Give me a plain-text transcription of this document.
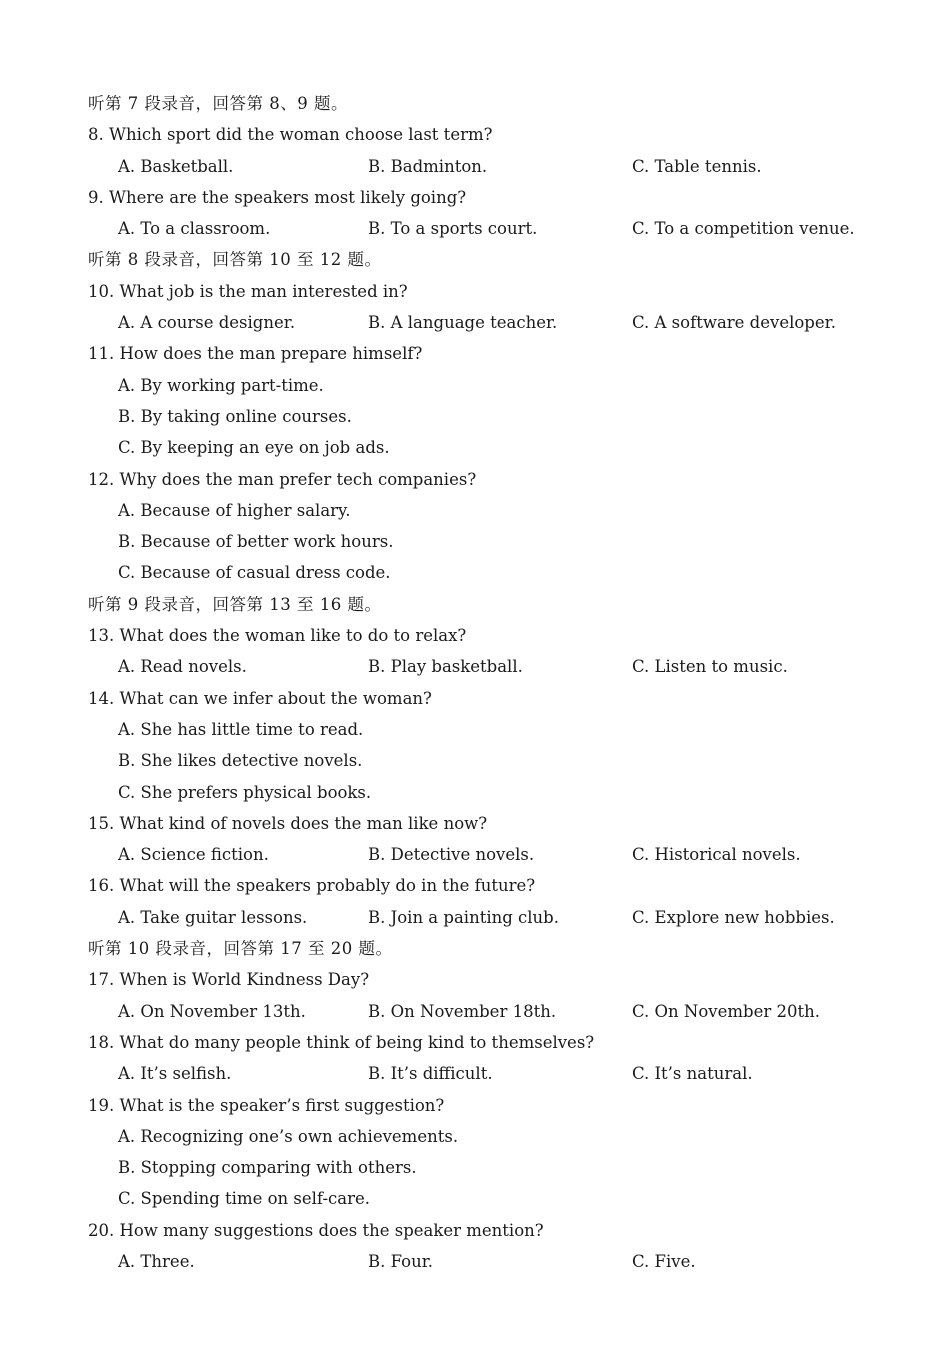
听第 7 段录音，回答第 8、9 题。
8. Which sport did the woman choose last term?
A. Basketball.	B. Badminton.	C. Table tennis.
9. Where are the speakers most likely going?
A. To a classroom.	B. To a sports court.	C. To a competition venue.
听第 8 段录音，回答第 10 至 12 题。
10. What job is the man interested in?
A. A course designer.	B. A language teacher.	C. A software developer.
11. How does the man prepare himself?
A. By working part-time.
B. By taking online courses.
C. By keeping an eye on job ads.
12. Why does the man prefer tech companies?
A. Because of higher salary.
B. Because of better work hours.
C. Because of casual dress code.
听第 9 段录音，回答第 13 至 16 题。
13. What does the woman like to do to relax?
A. Read novels.	B. Play basketball.	C. Listen to music.
14. What can we infer about the woman?
A. She has little time to read.
B. She likes detective novels.
C. She prefers physical books.
15. What kind of novels does the man like now?
A. Science fiction.	B. Detective novels.	C. Historical novels.
16. What will the speakers probably do in the future?
A. Take guitar lessons.	B. Join a painting club.	C. Explore new hobbies.
听第 10 段录音，回答第 17 至 20 题。
17. When is World Kindness Day?
A. On November 13th.	B. On November 18th.	C. On November 20th.
18. What do many people think of being kind to themselves?
A. It’s selfish.	B. It’s difficult.	C. It’s natural.
19. What is the speaker’s first suggestion?
A. Recognizing one’s own achievements.
B. Stopping comparing with others.
C. Spending time on self-care.
20. How many suggestions does the speaker mention?
A. Three.	B. Four.	C. Five.
